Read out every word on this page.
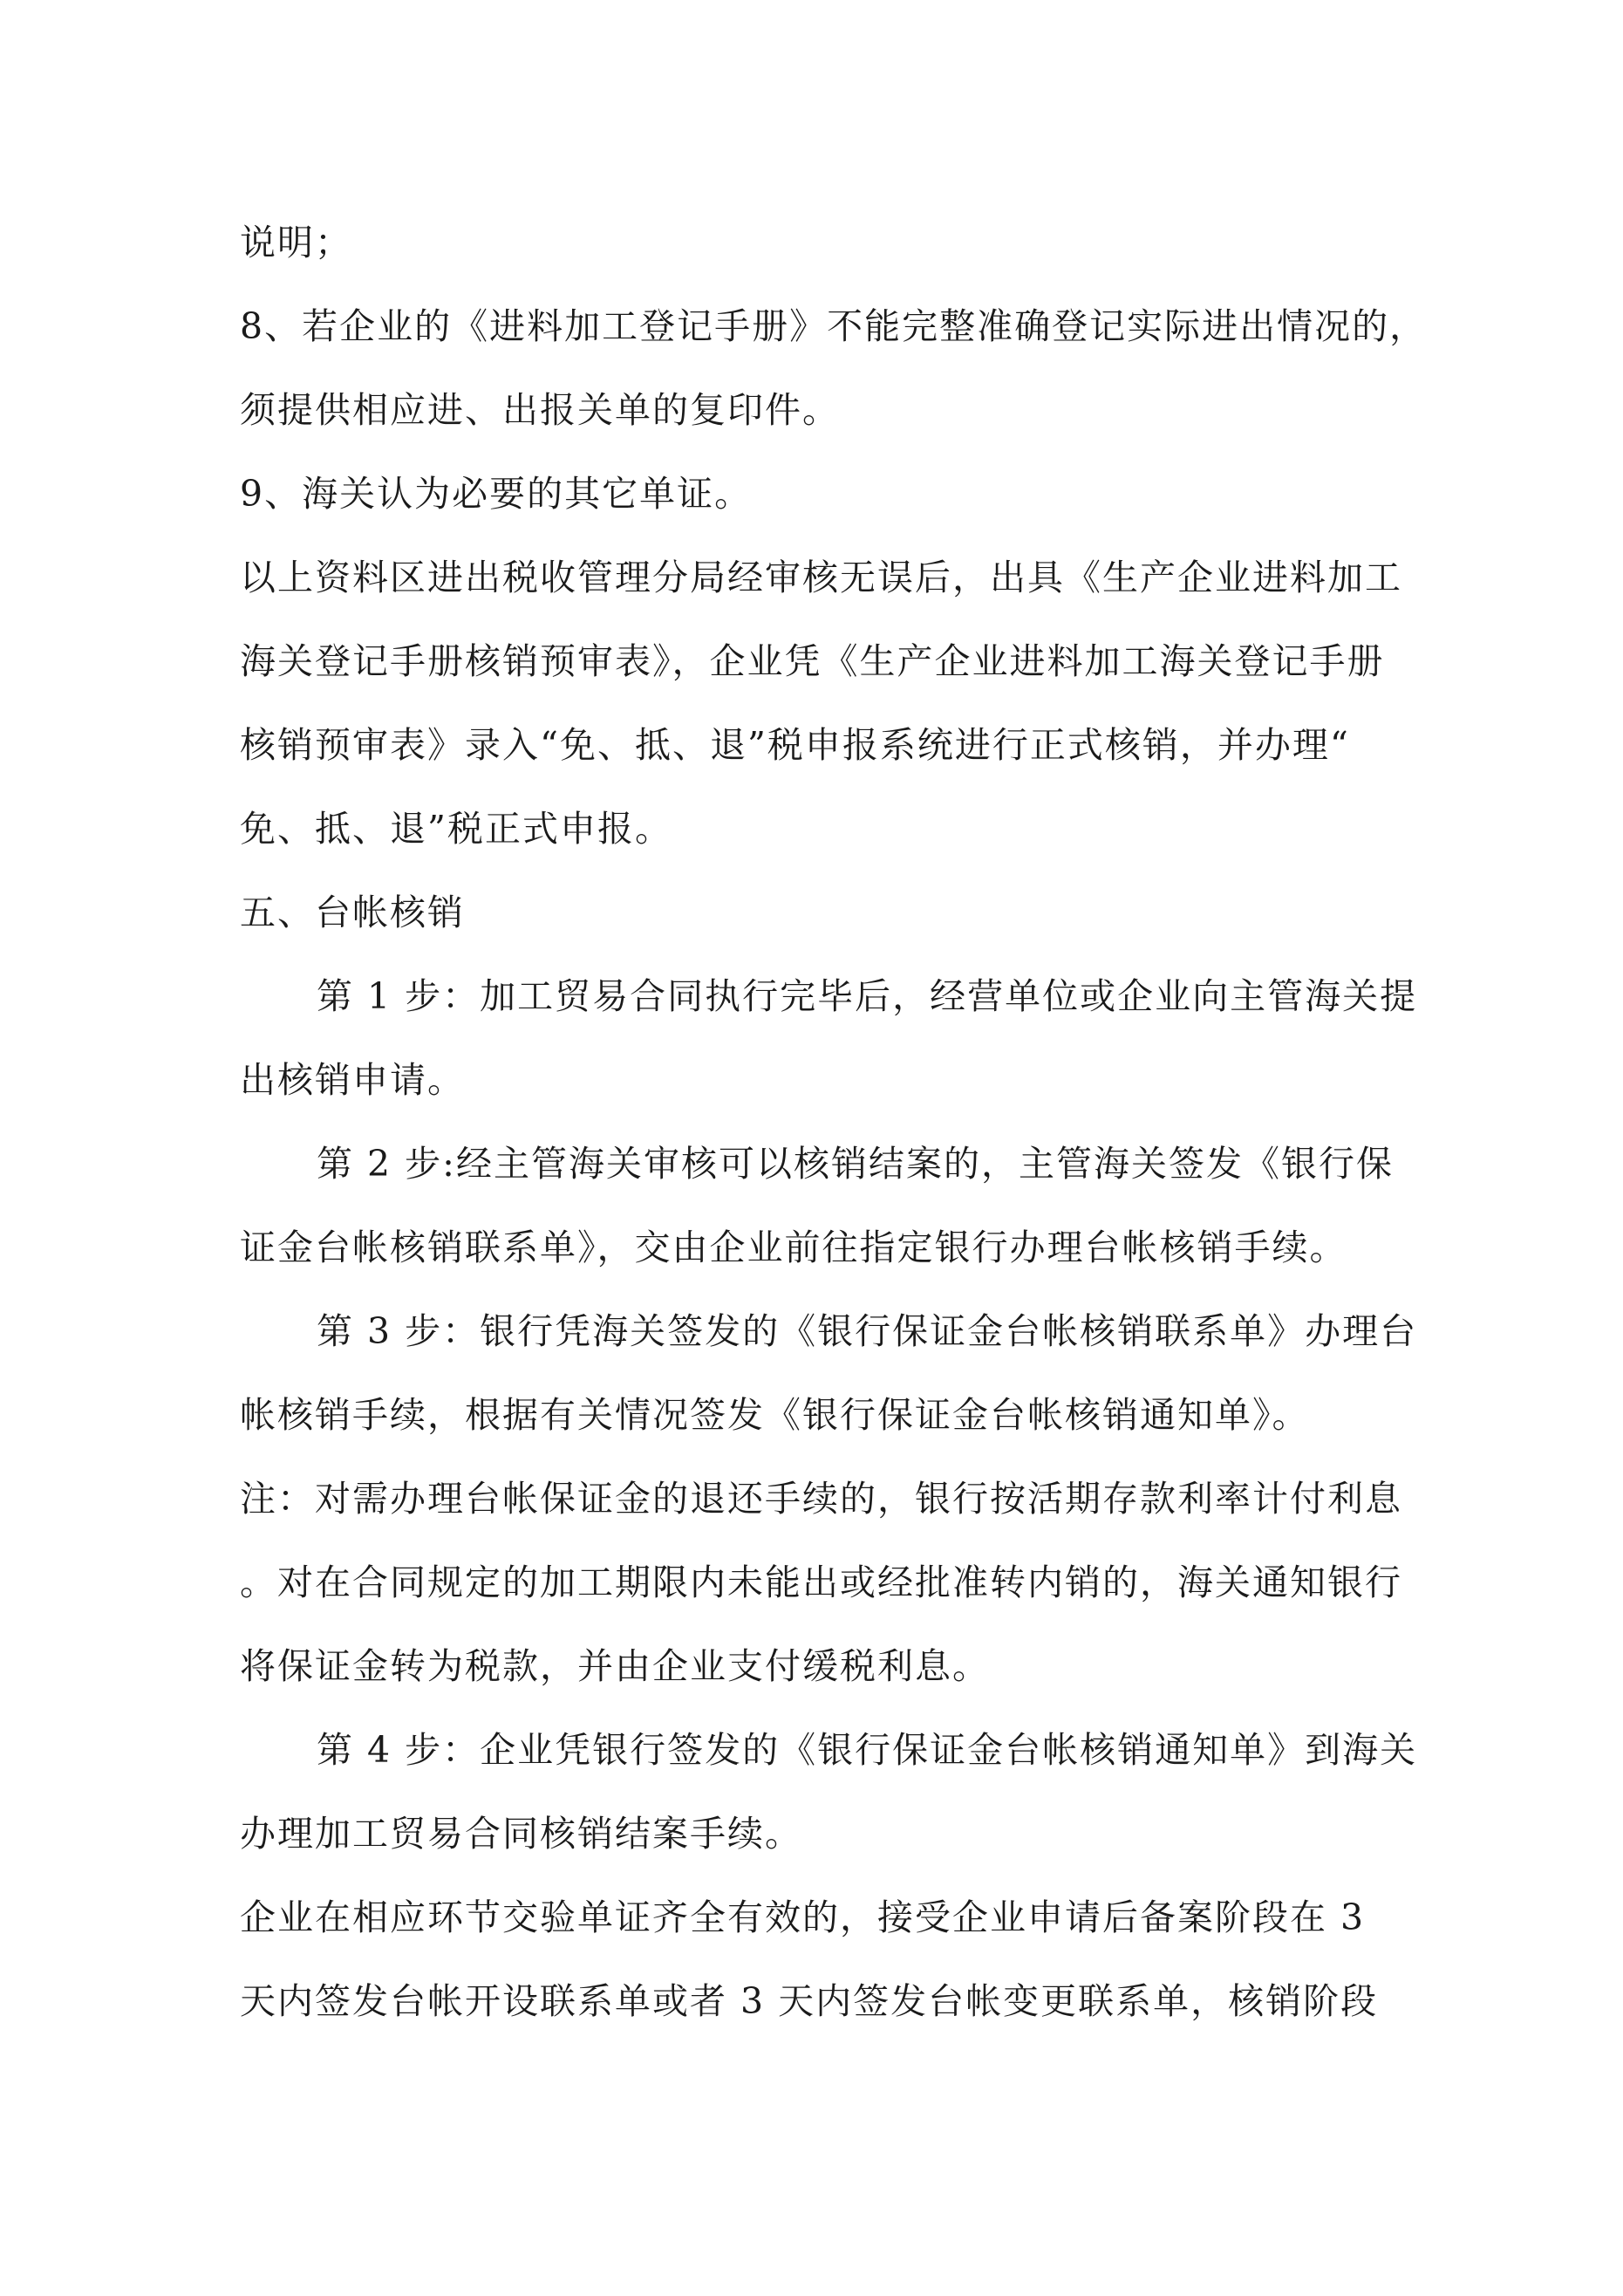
说明；
8、若企业的《进料加工登记手册》不能完整准确登记实际进出情况的，
须提供相应进、出报关单的复印件。
9、海关认为必要的其它单证。
以上资料区进出税收管理分局经审核无误后，出具《生产企业进料加工
海关登记手册核销预审表》，企业凭《生产企业进料加工海关登记手册
核销预审表》录入“免、抵、退”税申报系统进行正式核销，并办理“
免、抵、退”税正式申报。
五、台帐核销
第 1 步：加工贸易合同执行完毕后，经营单位或企业向主管海关提
出核销申请。
第 2 步:经主管海关审核可以核销结案的，主管海关签发《银行保
证金台帐核销联系单》，交由企业前往指定银行办理台帐核销手续。
第 3 步：银行凭海关签发的《银行保证金台帐核销联系单》办理台
帐核销手续，根据有关情况签发《银行保证金台帐核销通知单》。
注：对需办理台帐保证金的退还手续的，银行按活期存款利率计付利息
。对在合同规定的加工期限内未能出或经批准转内销的，海关通知银行
将保证金转为税款，并由企业支付缓税利息。
第 4 步：企业凭银行签发的《银行保证金台帐核销通知单》到海关
办理加工贸易合同核销结案手续。
企业在相应环节交验单证齐全有效的，接受企业申请后备案阶段在 3
天内签发台帐开设联系单或者 3 天内签发台帐变更联系单，核销阶段
